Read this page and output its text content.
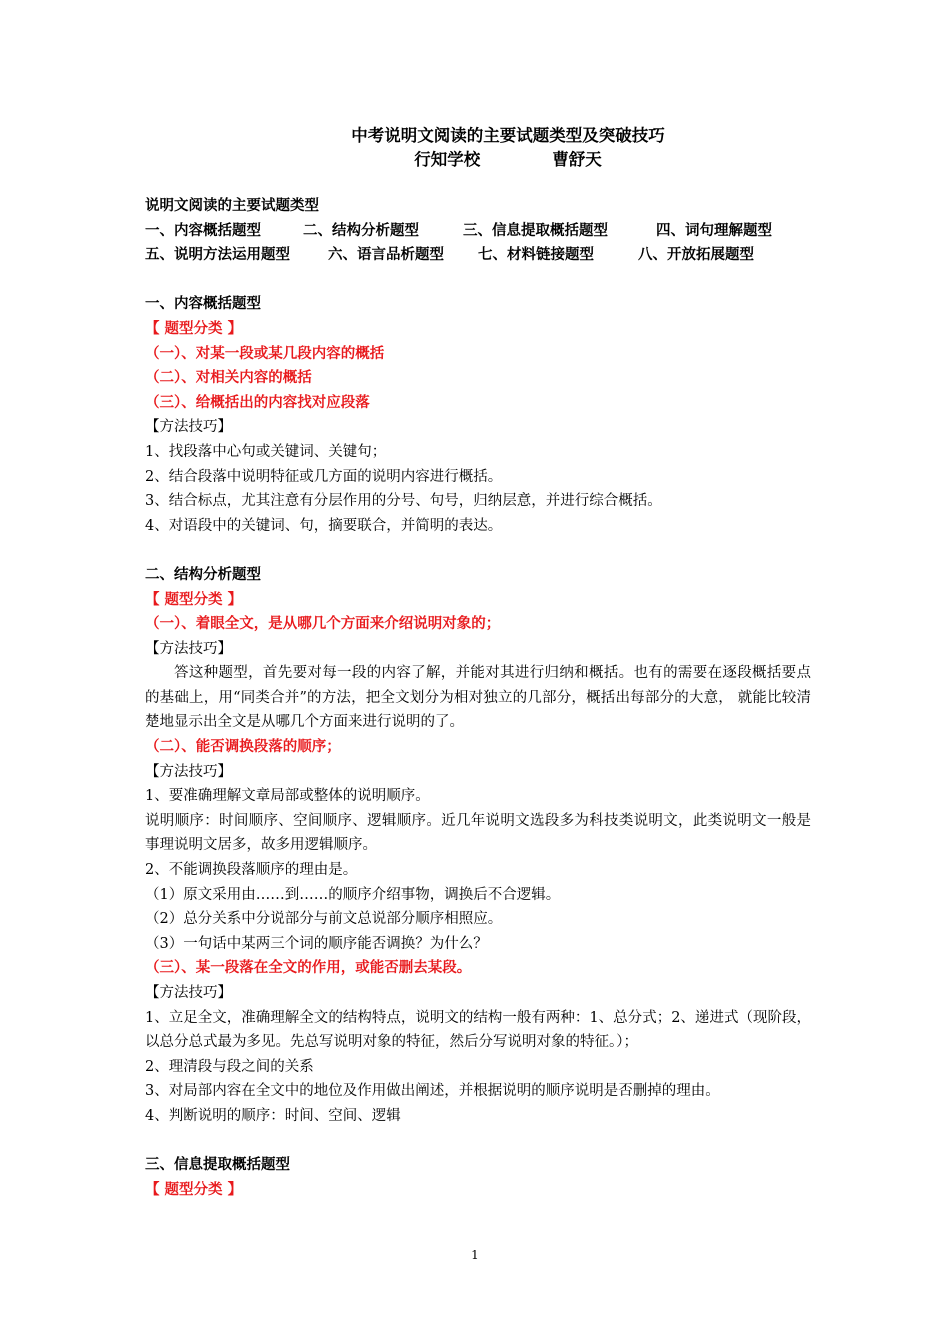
中考说明文阅读的主要试题类型及突破技巧
行知学校	曹舒天
说明文阅读的主要试题类型
一、内容概括题型	二、结构分析题型	三、信息提取概括题型	四、词句理解题型
五、说明方法运用题型	六、语言品析题型	七、材料链接题型	八、开放拓展题型
一、内容概括题型
【 题型分类 】
（一）、对某一段或某几段内容的概括
（二）、对相关内容的概括
（三）、给概括出的内容找对应段落
【方法技巧】
1、找段落中心句或关键词、关键句；
2、结合段落中说明特征或几方面的说明内容进行概括。
3、结合标点，尤其注意有分层作用的分号、句号，归纳层意，并进行综合概括。
4、对语段中的关键词、句，摘要联合，并简明的表达。
二、结构分析题型
【 题型分类 】
（一）、着眼全文，是从哪几个方面来介绍说明对象的；
【方法技巧】
答这种题型，首先要对每一段的内容了解，并能对其进行归纳和概括。也有的需要在逐段概括要点的基础上，用“同类合并”的方法，把全文划分为相对独立的几部分，概括出每部分的大意， 就能比较清楚地显示出全文是从哪几个方面来进行说明的了。
（二）、能否调换段落的顺序；
【方法技巧】
1、要准确理解文章局部或整体的说明顺序。
说明顺序：时间顺序、空间顺序、逻辑顺序。近几年说明文选段多为科技类说明文，此类说明文一般是事理说明文居多，故多用逻辑顺序。
2、不能调换段落顺序的理由是。
（1）原文采用由……到……的顺序介绍事物，调换后不合逻辑。
（2）总分关系中分说部分与前文总说部分顺序相照应。
（3）一句话中某两三个词的顺序能否调换？为什么？
（三）、某一段落在全文的作用，或能否删去某段。
【方法技巧】
1、立足全文，准确理解全文的结构特点，说明文的结构一般有两种：1、总分式；2、递进式（现阶段，以总分总式最为多见。先总写说明对象的特征，然后分写说明对象的特征。）；
2、理清段与段之间的关系
3、对局部内容在全文中的地位及作用做出阐述，并根据说明的顺序说明是否删掉的理由。
4、判断说明的顺序：时间、空间、逻辑
三、信息提取概括题型
【 题型分类 】
1
